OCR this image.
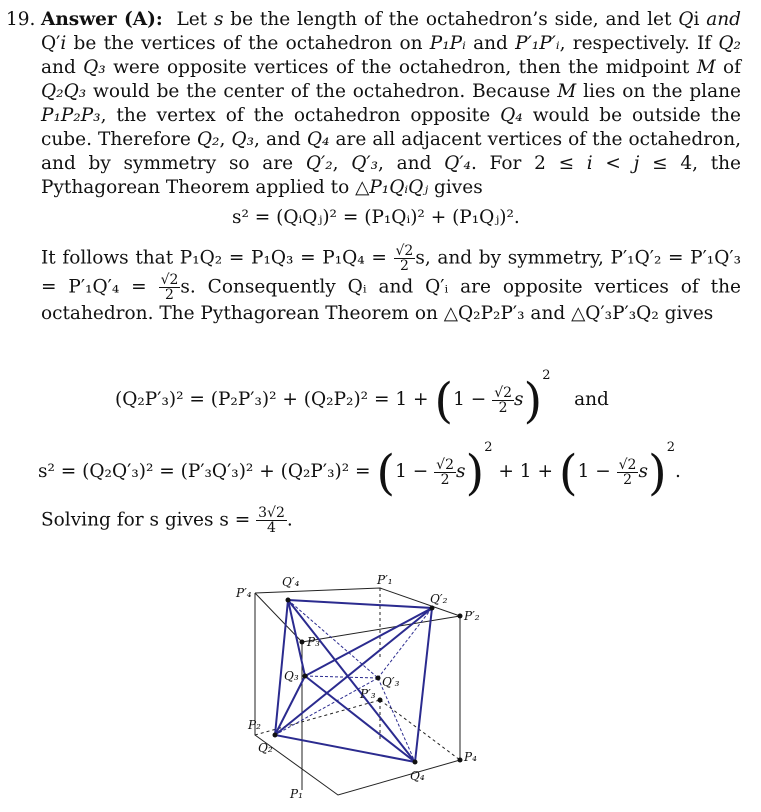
19. Answer (A): Let s be the length of the octahedron’s side, and let Qi and Q′i be the vertices of the octahedron on P₁Pᵢ and P′₁P′ᵢ, respectively. If Q₂ and Q₃ were opposite vertices of the octahedron, then the midpoint M of Q₂Q₃ would be the center of the octahedron. Because M lies on the plane P₁P₂P₃, the vertex of the octahedron opposite Q₄ would be outside the cube. Therefore Q₂, Q₃, and Q₄ are all adjacent vertices of the octahedron, and by symmetry so are Q′₂, Q′₃, and Q′₄. For 2 ≤ i < j ≤ 4, the Pythagorean Theorem applied to △P₁QᵢQⱼ gives
s² = (QᵢQⱼ)² = (P₁Qᵢ)² + (P₁Qⱼ)².
It follows that $P_1Q_2 = P_1Q_3 = P_1Q_4 = \frac{√2}{2} s$, and by symmetry, $P'_1Q'_2 = P'_1Q'_3 = P'_1Q'_4 = \frac{√2}{2} s$. Consequently Qᵢ and Q′ᵢ are opposite vertices of the octahedron. The Pythagorean Theorem on △Q₂P₂P′₃ and △Q′₃P′₃Q₂ gives
$(Q_2P'_3)^2 = (P_2P'_3)^2 + (Q_2P_2)^2 = 1 + (1 - \frac{√2}{2} s)^2$    and
$s^2 = (Q_2Q'_3)^2 = (P'_3Q'_3)^2 + (Q_2P'_3)^2 = (1 - \frac{√2}{2} s)^2 + 1 + (1 - \frac{√2}{2} s)^2$.
Solving for s gives $s = \frac{3√2}{4}$ .
P′₄
Q′₄	P′₁
Q′₂
P′₂
P₃
Q₃	Q′₃
P′₃
P₂
Q₂
P₄
Q₄
P₁
